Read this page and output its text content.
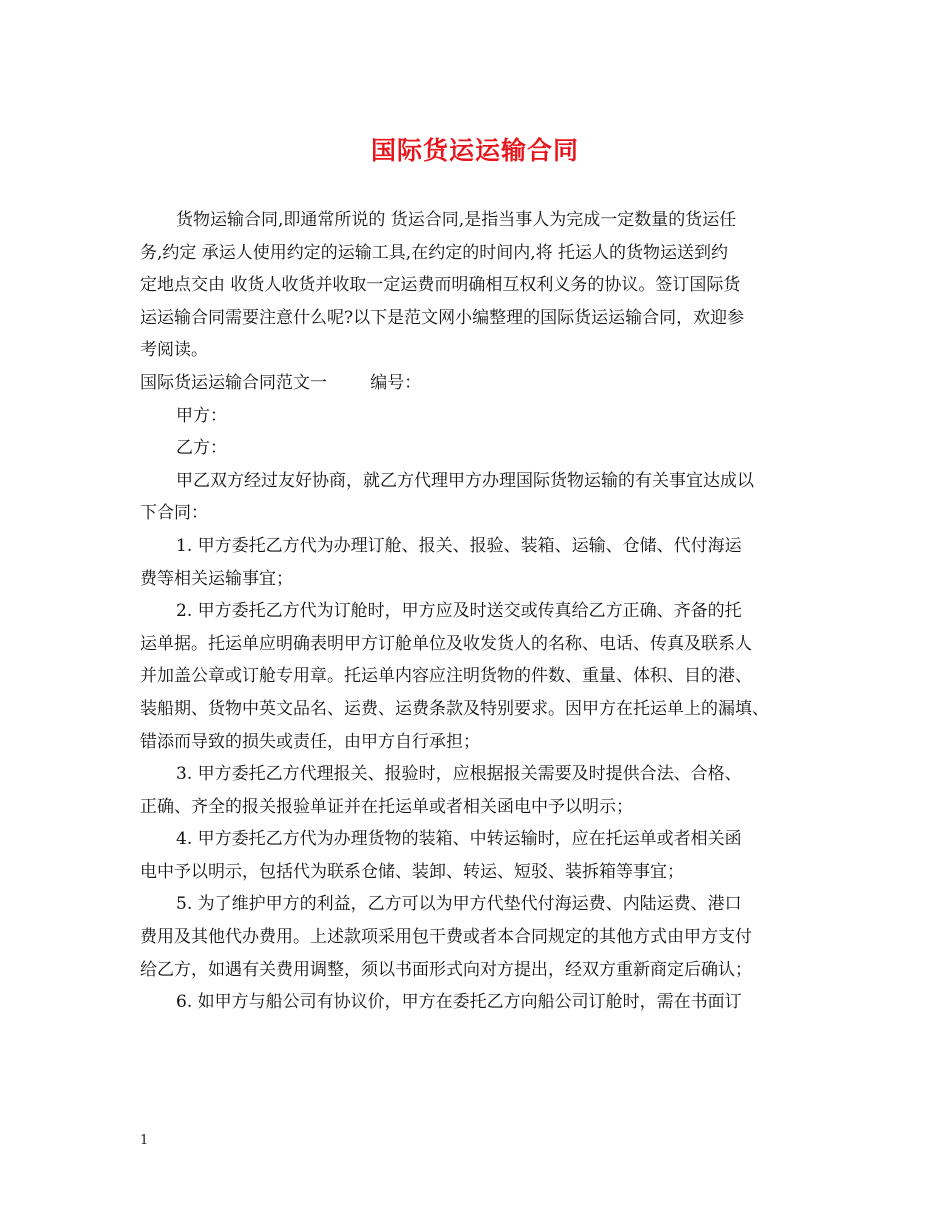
国际货运运输合同
货物运输合同,即通常所说的 货运合同,是指当事人为完成一定数量的货运任
务,约定 承运人使用约定的运输工具,在约定的时间内,将 托运人的货物运送到约
定地点交由 收货人收货并收取一定运费而明确相互权利义务的协议。签订国际货
运运输合同需要注意什么呢?以下是范文网小编整理的国际货运运输合同，欢迎参
考阅读。
国际货运运输合同范文一        编号：
甲方：
乙方：
甲乙双方经过友好协商，就乙方代理甲方办理国际货物运输的有关事宜达成以
下合同：
1. 甲方委托乙方代为办理订舱、报关、报验、装箱、运输、仓储、代付海运
费等相关运输事宜；
2. 甲方委托乙方代为订舱时，甲方应及时送交或传真给乙方正确、齐备的托
运单据。托运单应明确表明甲方订舱单位及收发货人的名称、电话、传真及联系人
并加盖公章或订舱专用章。托运单内容应注明货物的件数、重量、体积、目的港、
装船期、货物中英文品名、运费、运费条款及特别要求。因甲方在托运单上的漏填、
错添而导致的损失或责任，由甲方自行承担；
3. 甲方委托乙方代理报关、报验时，应根据报关需要及时提供合法、合格、
正确、齐全的报关报验单证并在托运单或者相关函电中予以明示；
4. 甲方委托乙方代为办理货物的装箱、中转运输时，应在托运单或者相关函
电中予以明示，包括代为联系仓储、装卸、转运、短驳、装拆箱等事宜；
5. 为了维护甲方的利益，乙方可以为甲方代垫代付海运费、内陆运费、港口
费用及其他代办费用。上述款项采用包干费或者本合同规定的其他方式由甲方支付
给乙方，如遇有关费用调整，须以书面形式向对方提出，经双方重新商定后确认；
6. 如甲方与船公司有协议价，甲方在委托乙方向船公司订舱时，需在书面订
1
